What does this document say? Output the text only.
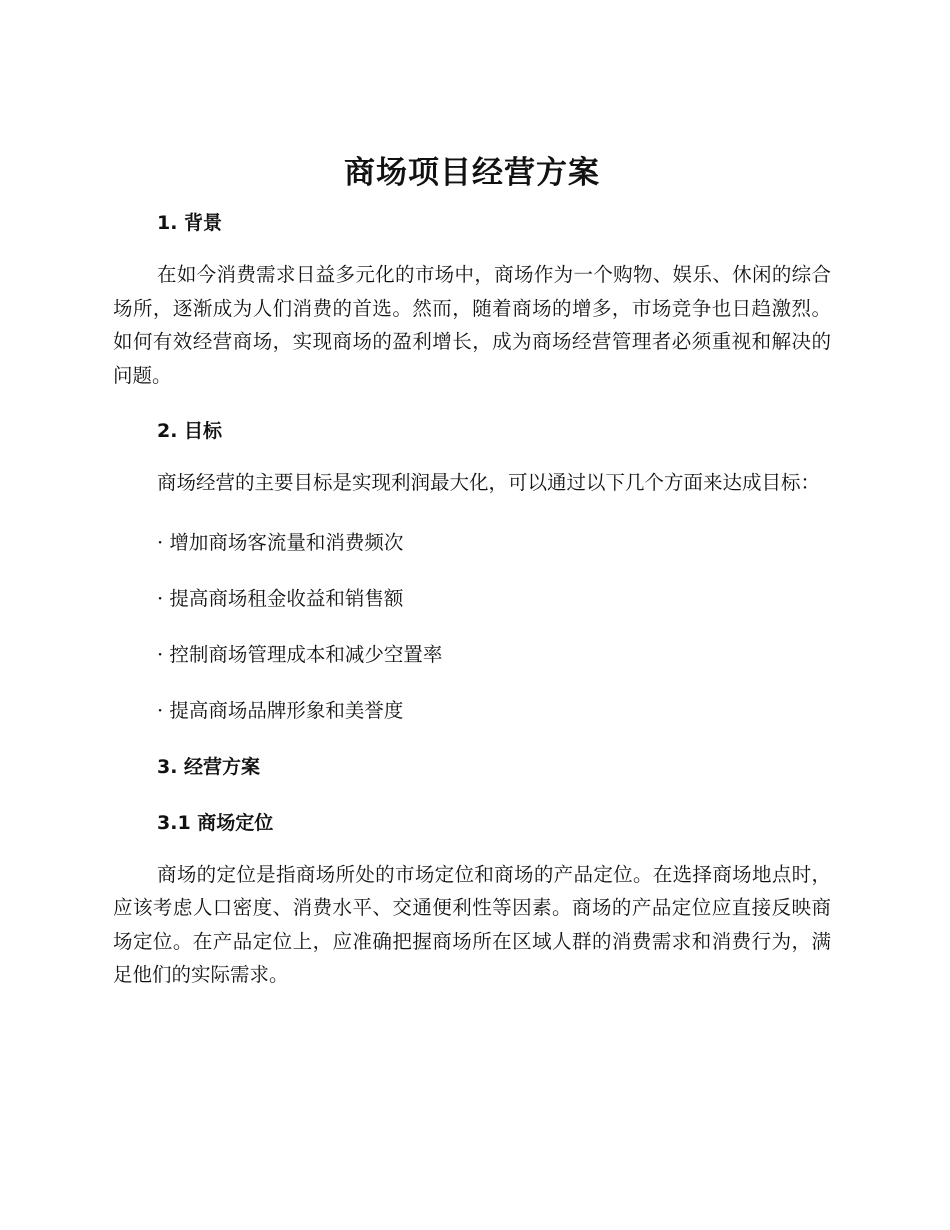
商场项目经营方案
1. 背景

在如今消费需求日益多元化的市场中，商场作为一个购物、娱乐、休闲的综合场所，逐渐成为人们消费的首选。然而，随着商场的增多，市场竞争也日趋激烈。如何有效经营商场，实现商场的盈利增长，成为商场经营管理者必须重视和解决的问题。

2. 目标

商场经营的主要目标是实现利润最大化，可以通过以下几个方面来达成目标：

· 增加商场客流量和消费频次

· 提高商场租金收益和销售额

· 控制商场管理成本和减少空置率

· 提高商场品牌形象和美誉度

3. 经营方案
3.1 商场定位

商场的定位是指商场所处的市场定位和商场的产品定位。在选择商场地点时，应该考虑人口密度、消费水平、交通便利性等因素。商场的产品定位应直接反映商场定位。在产品定位上，应准确把握商场所在区域人群的消费需求和消费行为，满足他们的实际需求。
